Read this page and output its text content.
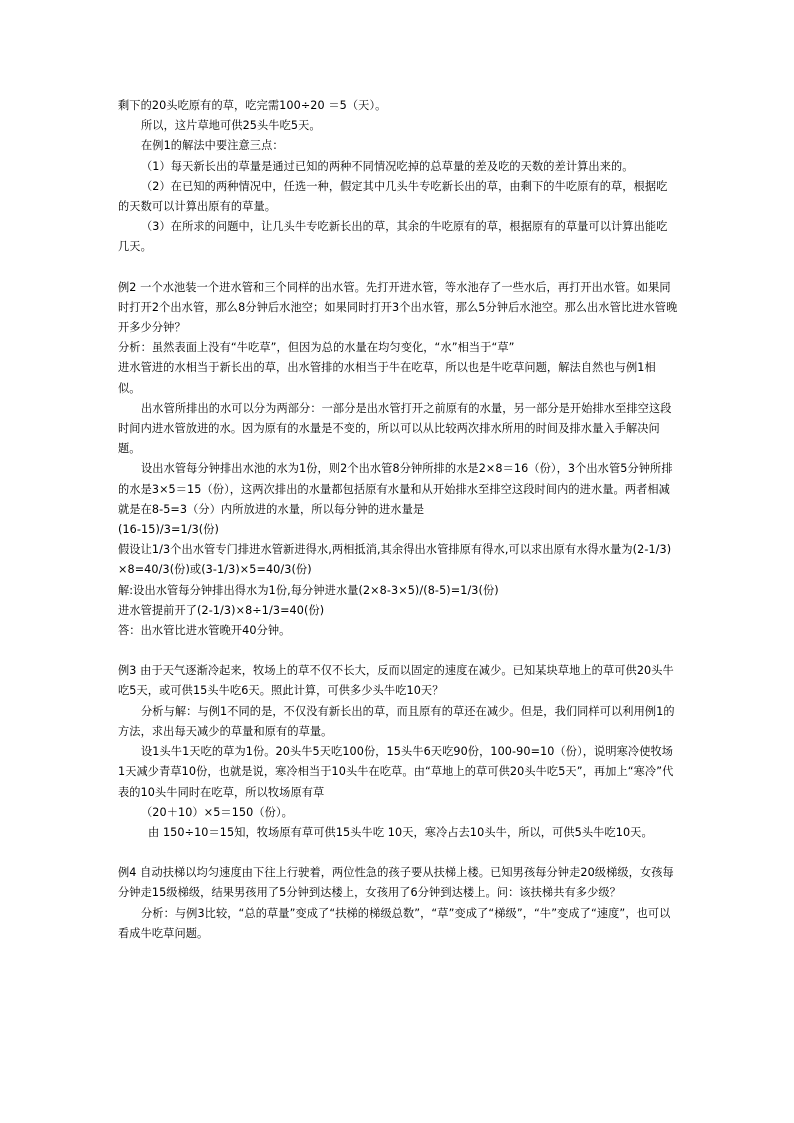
剩下的20头吃原有的草，吃完需100÷20 ＝5（天）。

所以，这片草地可供25头牛吃5天。

在例1的解法中要注意三点：

（1）每天新长出的草量是通过已知的两种不同情况吃掉的总草量的差及吃的天数的差计算出来的。

（2）在已知的两种情况中，任选一种，假定其中几头牛专吃新长出的草，由剩下的牛吃原有的草，根据吃的天数可以计算出原有的草量。

（3）在所求的问题中，让几头牛专吃新长出的草，其余的牛吃原有的草，根据原有的草量可以计算出能吃几天。

例2 一个水池装一个进水管和三个同样的出水管。先打开进水管，等水池存了一些水后，再打开出水管。如果同时打开2个出水管，那么8分钟后水池空；如果同时打开3个出水管，那么5分钟后水池空。那么出水管比进水管晚开多少分钟？

分析：虽然表面上没有“牛吃草”，但因为总的水量在均匀变化，“水”相当于“草”

进水管进的水相当于新长出的草，出水管排的水相当于牛在吃草，所以也是牛吃草问题，解法自然也与例1相似。

出水管所排出的水可以分为两部分：一部分是出水管打开之前原有的水量，另一部分是开始排水至排空这段时间内进水管放进的水。因为原有的水量是不变的，所以可以从比较两次排水所用的时间及排水量入手解决问题。

设出水管每分钟排出水池的水为1份，则2个出水管8分钟所排的水是2×8＝16（份），3个出水管5分钟所排的水是3×5＝15（份），这两次排出的水量都包括原有水量和从开始排水至排空这段时间内的进水量。两者相减就是在8-5=3（分）内所放进的水量，所以每分钟的进水量是

(16-15)/3=1/3(份)

假设让1/3个出水管专门排进水管新进得水,两相抵消,其余得出水管排原有得水,可以求出原有水得水量为(2-1/3)×8=40/3(份)或(3-1/3)×5=40/3(份)

解:设出水管每分钟排出得水为1份,每分钟进水量(2×8-3×5)/(8-5)=1/3(份)

进水管提前开了(2-1/3)×8÷1/3=40(份)

答：出水管比进水管晚开40分钟。

例3 由于天气逐渐冷起来，牧场上的草不仅不长大，反而以固定的速度在减少。已知某块草地上的草可供20头牛吃5天，或可供15头牛吃6天。照此计算，可供多少头牛吃10天？

分析与解：与例1不同的是，不仅没有新长出的草，而且原有的草还在减少。但是，我们同样可以利用例1的方法，求出每天减少的草量和原有的草量。

设1头牛1天吃的草为1份。20头牛5天吃100份，15头牛6天吃90份，100-90=10（份），说明寒冷使牧场1天减少青草10份，也就是说，寒冷相当于10头牛在吃草。由“草地上的草可供20头牛吃5天”，再加上“寒冷”代表的10头牛同时在吃草，所以牧场原有草

（20＋10）×5＝150（份）。

由 150÷10＝15知，牧场原有草可供15头牛吃 10天，寒冷占去10头牛，所以，可供5头牛吃10天。

例4 自动扶梯以均匀速度由下往上行驶着，两位性急的孩子要从扶梯上楼。已知男孩每分钟走20级梯级，女孩每分钟走15级梯级，结果男孩用了5分钟到达楼上，女孩用了6分钟到达楼上。问：该扶梯共有多少级？

分析：与例3比较，“总的草量”变成了“扶梯的梯级总数”，“草”变成了“梯级”，“牛”变成了“速度”，也可以看成牛吃草问题。
